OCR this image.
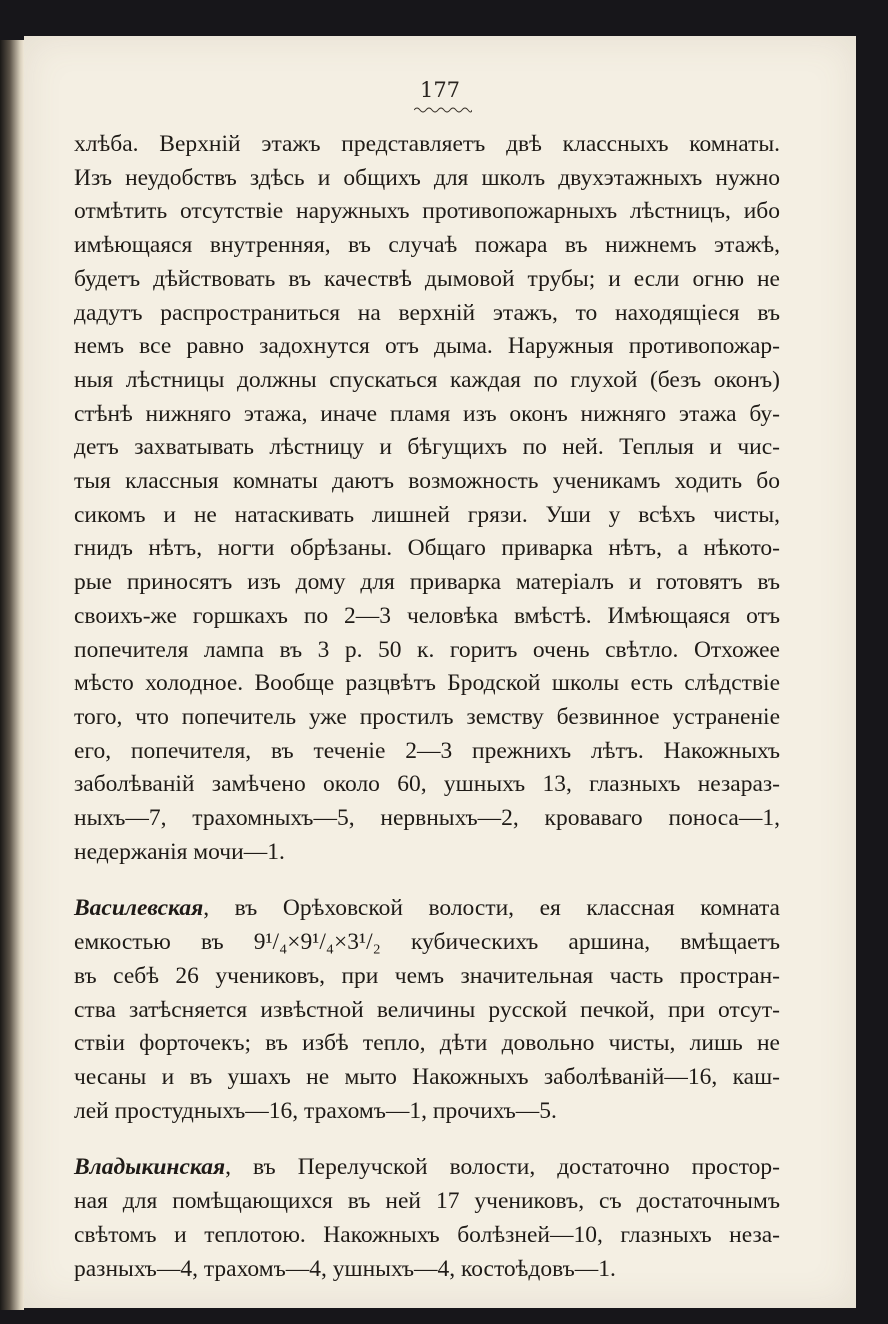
177
хлѣба. Верхній этажъ представляетъ двѣ классныхъ комнаты.
Изъ неудобствъ здѣсь и общихъ для школъ двухэтажныхъ нужно
отмѣтить отсутствіе наружныхъ противопожарныхъ лѣстницъ, ибо
имѣющаяся внутренняя, въ случаѣ пожара въ нижнемъ этажѣ,
будетъ дѣйствовать въ качествѣ дымовой трубы; и если огню не
дадутъ распространиться на верхній этажъ, то находящіеся въ
немъ все равно задохнутся отъ дыма. Наружныя противопожар-
ныя лѣстницы должны спускаться каждая по глухой (безъ оконъ)
стѣнѣ нижняго этажа, иначе пламя изъ оконъ нижняго этажа бу-
детъ захватывать лѣстницу и бѣгущихъ по ней. Теплыя и чис-
тыя классныя комнаты даютъ возможность ученикамъ ходить бо
сикомъ и не натаскивать лишней грязи. Уши у всѣхъ чисты,
гнидъ нѣтъ, ногти обрѣзаны. Общаго приварка нѣтъ, а нѣкото-
рые приносятъ изъ дому для приварка матеріалъ и готовятъ въ
своихъ-же горшкахъ по 2—3 человѣка вмѣстѣ. Имѣющаяся отъ
попечителя лампа въ 3 р. 50 к. горитъ очень свѣтло. Отхожее
мѣсто холодное. Вообще разцвѣтъ Бродской школы есть слѣдствіе
того, что попечитель уже простилъ земству безвинное устраненіе
его, попечителя, въ теченіе 2—3 прежнихъ лѣтъ. Накожныхъ
заболѣваній замѣчено около 60, ушныхъ 13, глазныхъ незараз-
ныхъ—7, трахомныхъ—5, нервныхъ—2, кроваваго поноса—1,
недержанія мочи—1.
Василевская, въ Орѣховской волости, ея классная комната
емкостью въ 9¹/₄×9¹/₄×3¹/₂ кубическихъ аршина, вмѣщаетъ
въ себѣ 26 учениковъ, при чемъ значительная часть простран-
ства затѣсняется извѣстной величины русской печкой, при отсут-
ствіи форточекъ; въ избѣ тепло, дѣти довольно чисты, лишь не
чесаны и въ ушахъ не мыто Накожныхъ заболѣваній—16, каш-
лей простудныхъ—16, трахомъ—1, прочихъ—5.
Владыкинская, въ Перелучской волости, достаточно простор-
ная для помѣщающихся въ ней 17 учениковъ, съ достаточнымъ
свѣтомъ и теплотою. Накожныхъ болѣзней—10, глазныхъ неза-
разныхъ—4, трахомъ—4, ушныхъ—4, костоѣдовъ—1.
